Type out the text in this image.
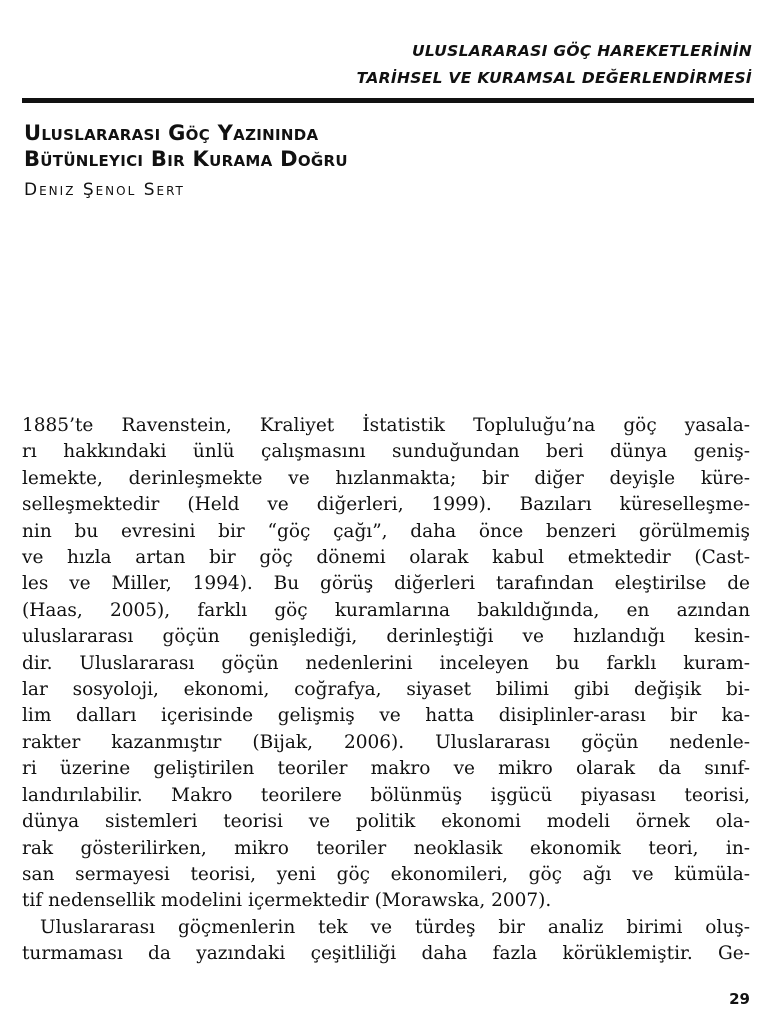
ULUSLARARASI GÖÇ HAREKETLERİNİN
TARİHSEL VE KURAMSAL DEĞERLENDİRMESİ
Uluslararası Göç Yazınında
Bütünleyici Bir Kurama Doğru
Deniz Şenol Sert
1885’te Ravenstein, Kraliyet İstatistik Topluluğu’na göç yasala-
rı hakkındaki ünlü çalışmasını sunduğundan beri dünya geniş-
lemekte, derinleşmekte ve hızlanmakta; bir diğer deyişle küre-
selleşmektedir (Held ve diğerleri, 1999). Bazıları küreselleşme-
nin bu evresini bir “göç çağı”, daha önce benzeri görülmemiş
ve hızla artan bir göç dönemi olarak kabul etmektedir (Cast-
les ve Miller, 1994). Bu görüş diğerleri tarafından eleştirilse de
(Haas, 2005), farklı göç kuramlarına bakıldığında, en azından
uluslararası göçün genişlediği, derinleştiği ve hızlandığı kesin-
dir. Uluslararası göçün nedenlerini inceleyen bu farklı kuram-
lar sosyoloji, ekonomi, coğrafya, siyaset bilimi gibi değişik bi-
lim dalları içerisinde gelişmiş ve hatta disiplinler-arası bir ka-
rakter kazanmıştır (Bijak, 2006). Uluslararası göçün nedenle-
ri üzerine geliştirilen teoriler makro ve mikro olarak da sınıf-
landırılabilir. Makro teorilere bölünmüş işgücü piyasası teorisi,
dünya sistemleri teorisi ve politik ekonomi modeli örnek ola-
rak gösterilirken, mikro teoriler neoklasik ekonomik teori, in-
san sermayesi teorisi, yeni göç ekonomileri, göç ağı ve kümüla-
tif nedensellik modelini içermektedir (Morawska, 2007).
Uluslararası göçmenlerin tek ve türdeş bir analiz birimi oluş-
turmaması da yazındaki çeşitliliği daha fazla körüklemiştir. Ge-
29
